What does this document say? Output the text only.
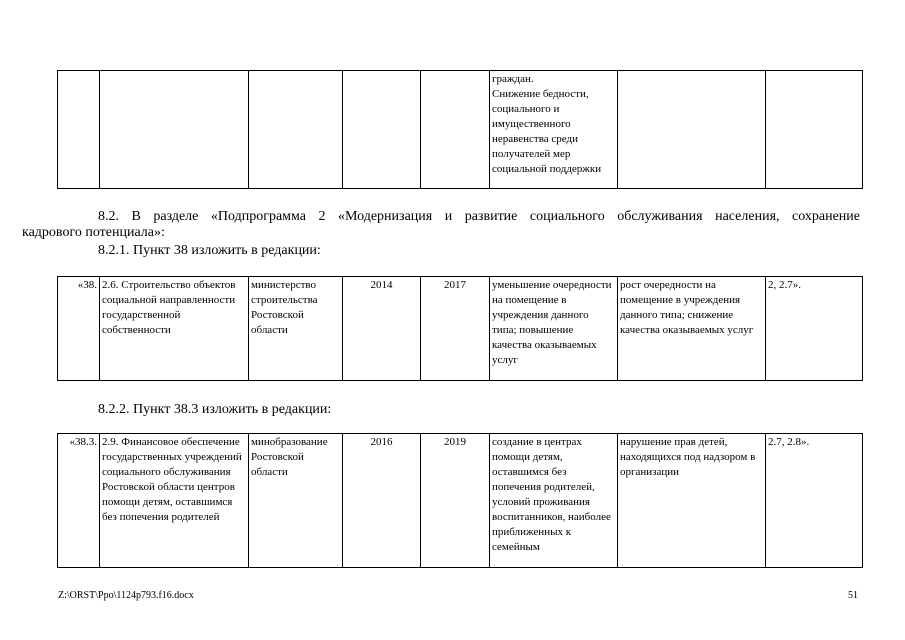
					граждан.
Снижение бедности, социального и имущественного неравенства среди получателей мер социальной поддержки		
8.2. В разделе «Подпрограмма 2 «Модернизация и развитие социального обслуживания населения, сохранение
кадрового потенциала»:
8.2.1. Пункт 38 изложить в редакции:
«38.	2.6. Строительство объектов социальной направленности государственной собственности	министерство строительства Ростовской области	2014	2017	уменьшение очередности на помещение в учреждения данного типа; повышение качества оказываемых услуг	рост очередности на помещение в учреждения данного типа; снижение качества оказываемых услуг	2, 2.7».
8.2.2. Пункт 38.3 изложить в редакции:
«38.3.	2.9. Финансовое обеспечение государственных учреждений социального обслуживания Ростовской области центров помощи детям, оставшимся без попечения родителей	минобразование Ростовской области	2016	2019	создание в центрах помощи детям, оставшимся без попечения родителей, условий проживания воспитанников, наиболее приближенных к семейным	нарушение прав детей, находящихся под надзором в организации	2.7, 2.8».
Z:\ORST\Ppo\1124p793.f16.docx	51
